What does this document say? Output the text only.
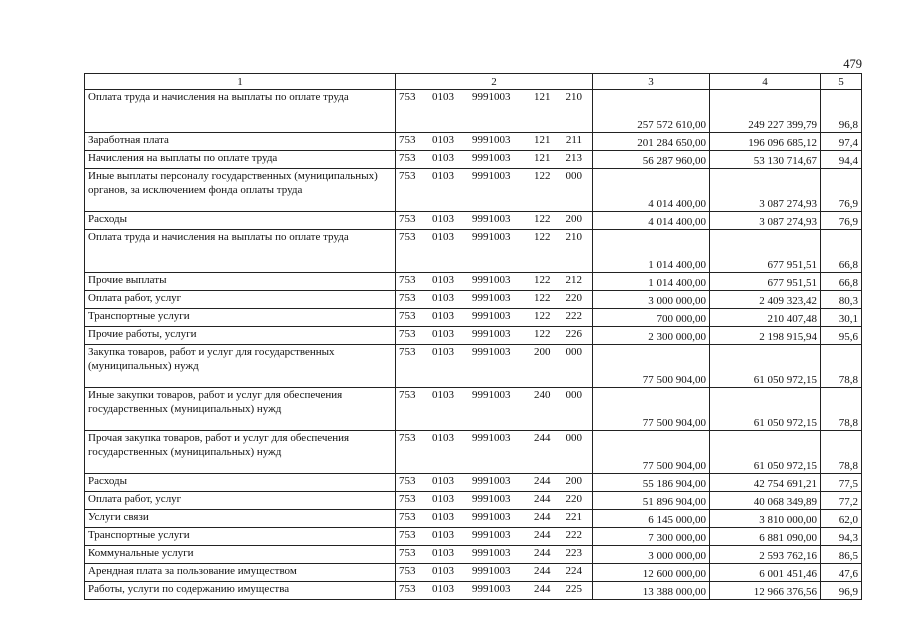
479
1	2	3	4	5
Оплата труда и начисления на выплаты по оплате труда	753 0103 9991003 121 210	257 572 610,00	249 227 399,79	96,8
Заработная плата	753 0103 9991003 121 211	201 284 650,00	196 096 685,12	97,4
Начисления на выплаты по оплате труда	753 0103 9991003 121 213	56 287 960,00	53 130 714,67	94,4
Иные выплаты персоналу государственных (муниципальных) органов, за исключением фонда оплаты труда	753 0103 9991003 122 000	4 014 400,00	3 087 274,93	76,9
Расходы	753 0103 9991003 122 200	4 014 400,00	3 087 274,93	76,9
Оплата труда и начисления на выплаты по оплате труда	753 0103 9991003 122 210	1 014 400,00	677 951,51	66,8
Прочие выплаты	753 0103 9991003 122 212	1 014 400,00	677 951,51	66,8
Оплата работ, услуг	753 0103 9991003 122 220	3 000 000,00	2 409 323,42	80,3
Транспортные услуги	753 0103 9991003 122 222	700 000,00	210 407,48	30,1
Прочие работы, услуги	753 0103 9991003 122 226	2 300 000,00	2 198 915,94	95,6
Закупка товаров, работ и услуг для государственных (муниципальных) нужд	753 0103 9991003 200 000	77 500 904,00	61 050 972,15	78,8
Иные закупки товаров, работ и услуг для обеспечения государственных (муниципальных) нужд	753 0103 9991003 240 000	77 500 904,00	61 050 972,15	78,8
Прочая закупка товаров, работ и услуг для обеспечения государственных (муниципальных) нужд	753 0103 9991003 244 000	77 500 904,00	61 050 972,15	78,8
Расходы	753 0103 9991003 244 200	55 186 904,00	42 754 691,21	77,5
Оплата работ, услуг	753 0103 9991003 244 220	51 896 904,00	40 068 349,89	77,2
Услуги связи	753 0103 9991003 244 221	6 145 000,00	3 810 000,00	62,0
Транспортные услуги	753 0103 9991003 244 222	7 300 000,00	6 881 090,00	94,3
Коммунальные услуги	753 0103 9991003 244 223	3 000 000,00	2 593 762,16	86,5
Арендная плата за пользование имуществом	753 0103 9991003 244 224	12 600 000,00	6 001 451,46	47,6
Работы, услуги по содержанию имущества	753 0103 9991003 244 225	13 388 000,00	12 966 376,56	96,9
